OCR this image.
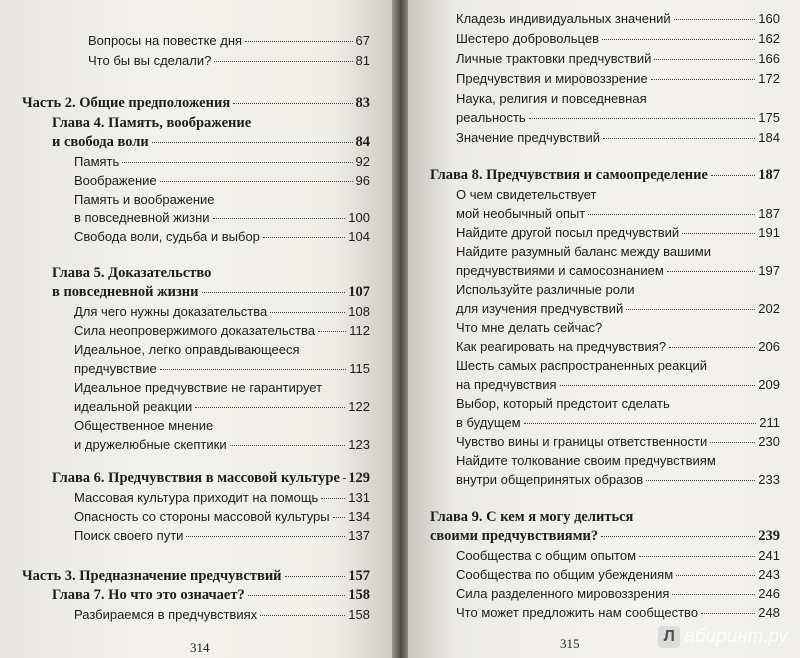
Вопросы на повестке дня	67
Что бы вы сделали?	81
Часть 2. Общие предположения	83
Глава 4. Память, воображение
и свобода воли	84
Память	92
Воображение	96
Память и воображение
в повседневной жизни	100
Свобода воли, судьба и выбор	104
Глава 5. Доказательство
в повседневной жизни	107
Для чего нужны доказательства	108
Сила неопровержимого доказательства	112
Идеальное, легко оправдывающееся
предчувствие	115
Идеальное предчувствие не гарантирует
идеальной реакции	122
Общественное мнение
и дружелюбные скептики	123
Глава 6. Предчувствия в массовой культуре 129
Массовая культура приходит на помощь 131
Опасность со стороны массовой культуры 134
Поиск своего пути	137
Часть 3. Предназначение предчувствий	157
Глава 7. Но что это означает?	158
Разбираемся в предчувствиях	158
314
Кладезь индивидуальных значений	160
Шестеро добровольцев	162
Личные трактовки предчувствий	166
Предчувствия и мировоззрение	172
Наука, религия и повседневная
реальность	175
Значение предчувствий	184
Глава 8. Предчувствия и самоопределение	187
О чем свидетельствует
мой необычный опыт	187
Найдите другой посыл предчувствий	191
Найдите разумный баланс между вашими
предчувствиями и самосознанием	197
Используйте различные роли
для изучения предчувствий	202
Что мне делать сейчас?
Как реагировать на предчувствия?	206
Шесть самых распространенных реакций
на предчувствия	209
Выбор, который предстоит сделать
в будущем	211
Чувство вины и границы ответственности	230
Найдите толкование своим предчувствиям
внутри общепринятых образов	233
Глава 9. С кем я могу делиться
своими предчувствиями?	239
Сообщества с общим опытом	241
Сообщества по общим убеждениям	243
Сила разделенного мировоззрения	246
Что может предложить нам сообщество	248
315	Л абиринт.ру
